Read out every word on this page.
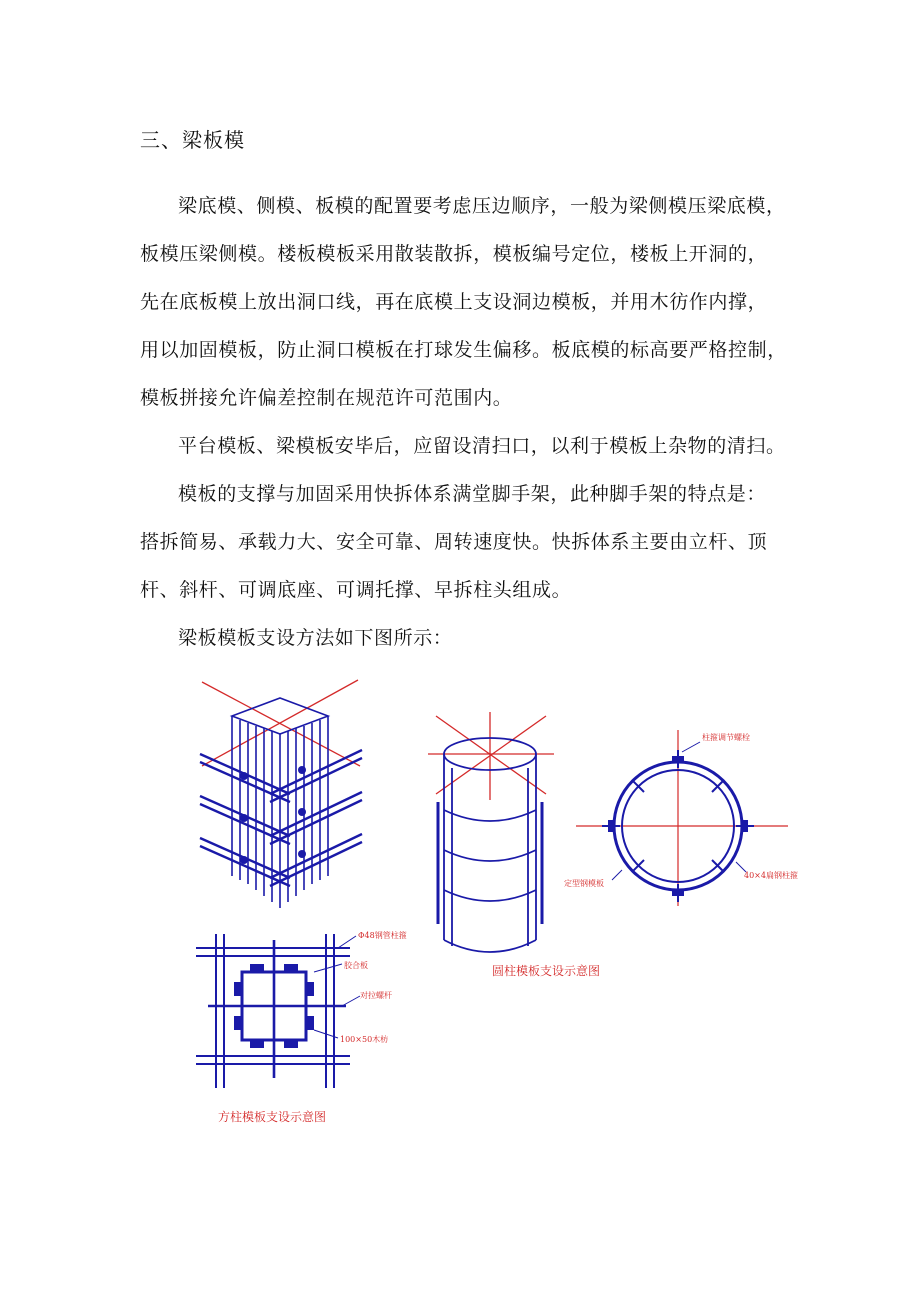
三、梁板模
梁底模、侧模、板模的配置要考虑压边顺序，一般为梁侧模压梁底模，
板模压梁侧模。楼板模板采用散装散拆，模板编号定位，楼板上开洞的，
先在底板模上放出洞口线，再在底模上支设洞边模板，并用木彷作内撑，
用以加固模板，防止洞口模板在打球发生偏移。板底模的标高要严格控制，
模板拼接允许偏差控制在规范许可范围内。
平台模板、梁模板安毕后，应留设清扫口，以利于模板上杂物的清扫。
模板的支撑与加固采用快拆体系满堂脚手架，此种脚手架的特点是：
搭拆简易、承载力大、安全可靠、周转速度快。快拆体系主要由立杆、顶
杆、斜杆、可调底座、可调托撑、早拆柱头组成。
梁板模板支设方法如下图所示：
Φ48钢管柱箍
胶合板
对拉螺杆
100×50木枋
方柱模板支设示意图
圆柱模板支设示意图
柱箍调节螺栓
定型钢模板
40×4扁钢柱箍
